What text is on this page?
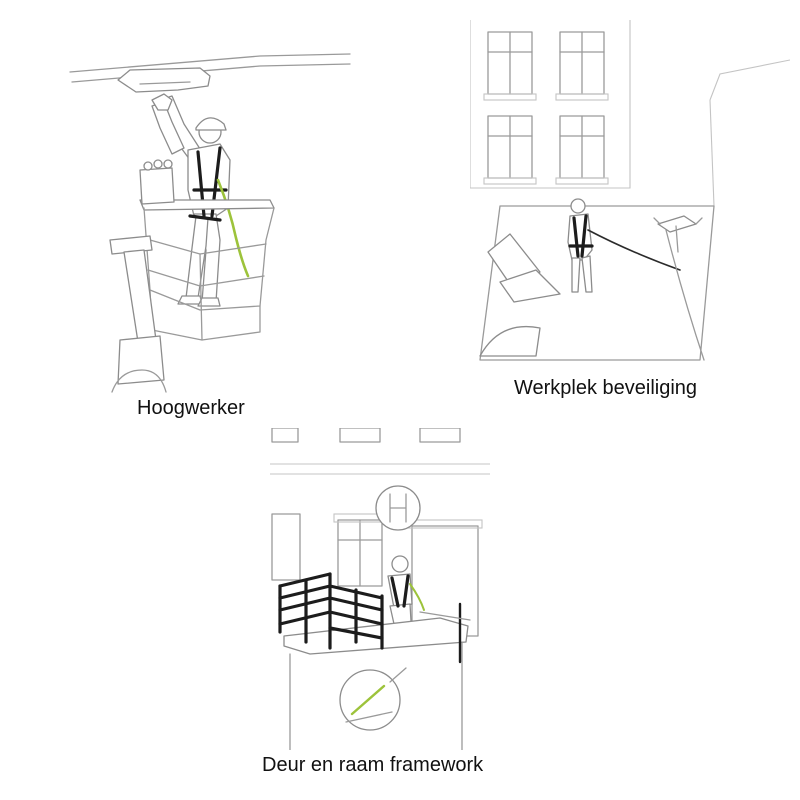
Hoogwerker
Werkplek beveiliging
Deur en raam framework
